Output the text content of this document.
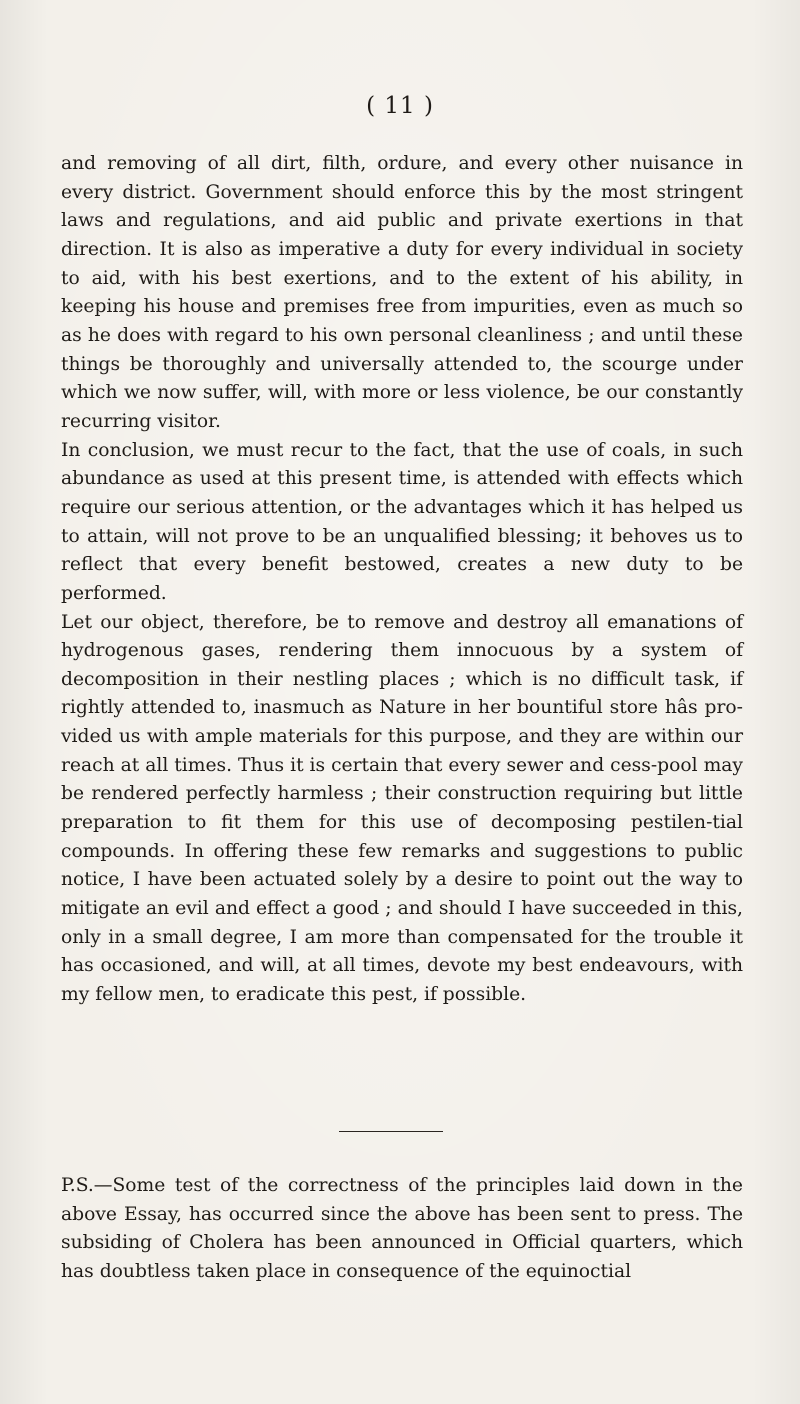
( 11 )

and removing of all dirt, filth, ordure, and every other nuisance in every district. Government should enforce this by the most stringent laws and regulations, and aid public and private exertions in that direction. It is also as imperative a duty for every individual in society to aid, with his best exertions, and to the extent of his ability, in keeping his house and premises free from impurities, even as much so as he does with regard to his own personal cleanliness ; and until these things be thoroughly and universally attended to, the scourge under which we now suffer, will, with more or less violence, be our constantly recurring visitor.

In conclusion, we must recur to the fact, that the use of coals, in such abundance as used at this present time, is attended with effects which require our serious attention, or the advantages which it has helped us to attain, will not prove to be an unqualified blessing; it behoves us to reflect that every benefit bestowed, creates a new duty to be performed.

Let our object, therefore, be to remove and destroy all emanations of hydrogenous gases, rendering them innocuous by a system of decomposition in their nestling places ; which is no difficult task, if rightly attended to, inasmuch as Nature in her bountiful store hâs pro-vided us with ample materials for this purpose, and they are within our reach at all times. Thus it is certain that every sewer and cess-pool may be rendered perfectly harmless ; their construction requiring but little preparation to fit them for this use of decomposing pestilen-tial compounds. In offering these few remarks and suggestions to public notice, I have been actuated solely by a desire to point out the way to mitigate an evil and effect a good ; and should I have succeeded in this, only in a small degree, I am more than compensated for the trouble it has occasioned, and will, at all times, devote my best endeavours, with my fellow men, to eradicate this pest, if possible.

P.S.—Some test of the correctness of the principles laid down in the above Essay, has occurred since the above has been sent to press. The subsiding of Cholera has been announced in Official quarters, which has doubtless taken place in consequence of the equinoctial
